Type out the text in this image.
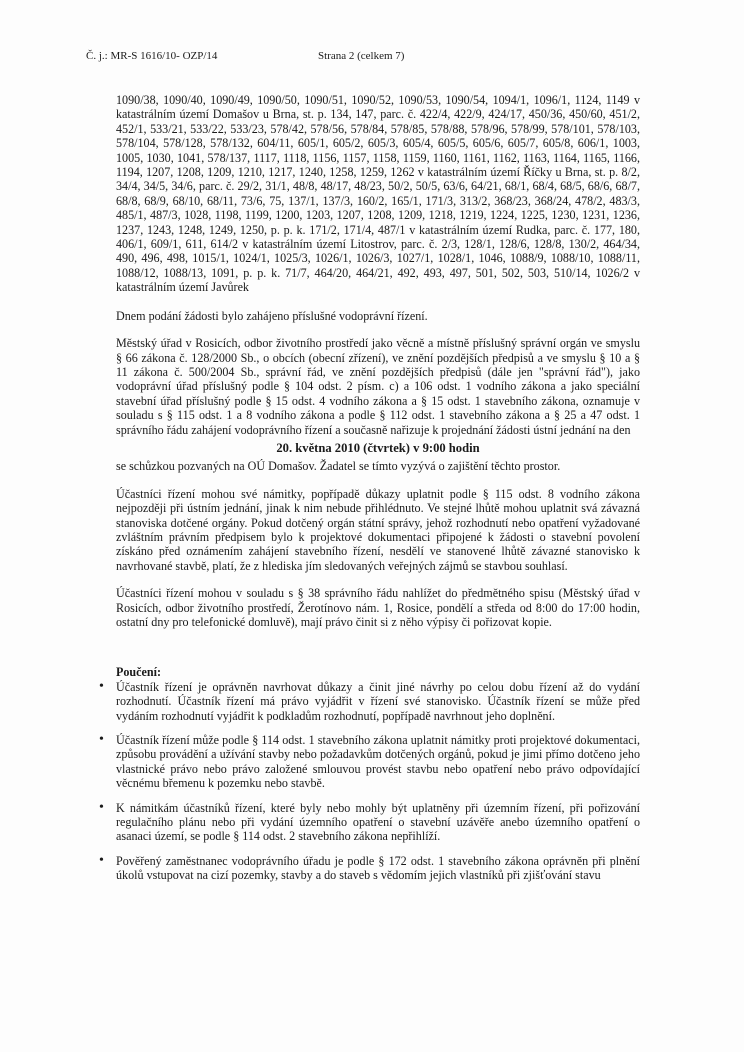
Č. j.: MR-S 1616/10- OZP/14	Strana 2 (celkem 7)

1090/38, 1090/40, 1090/49, 1090/50, 1090/51, 1090/52, 1090/53, 1090/54, 1094/1, 1096/1, 1124, 1149 v katastrálním území Domašov u Brna, st. p. 134, 147, parc. č. 422/4, 422/9, 424/17, 450/36, 450/60, 451/2, 452/1, 533/21, 533/22, 533/23, 578/42, 578/56, 578/84, 578/85, 578/88, 578/96, 578/99, 578/101, 578/103, 578/104, 578/128, 578/132, 604/11, 605/1, 605/2, 605/3, 605/4, 605/5, 605/6, 605/7, 605/8, 606/1, 1003, 1005, 1030, 1041, 578/137, 1117, 1118, 1156, 1157, 1158, 1159, 1160, 1161, 1162, 1163, 1164, 1165, 1166, 1194, 1207, 1208, 1209, 1210, 1217, 1240, 1258, 1259, 1262 v katastrálním území Říčky u Brna, st. p. 8/2, 34/4, 34/5, 34/6, parc. č. 29/2, 31/1, 48/8, 48/17, 48/23, 50/2, 50/5, 63/6, 64/21, 68/1, 68/4, 68/5, 68/6, 68/7, 68/8, 68/9, 68/10, 68/11, 73/6, 75, 137/1, 137/3, 160/2, 165/1, 171/3, 313/2, 368/23, 368/24, 478/2, 483/3, 485/1, 487/3, 1028, 1198, 1199, 1200, 1203, 1207, 1208, 1209, 1218, 1219, 1224, 1225, 1230, 1231, 1236, 1237, 1243, 1248, 1249, 1250, p. p. k. 171/2, 171/4, 487/1 v katastrálním území Rudka, parc. č. 177, 180, 406/1, 609/1, 611, 614/2 v katastrálním území Litostrov, parc. č. 2/3, 128/1, 128/6, 128/8, 130/2, 464/34, 490, 496, 498, 1015/1, 1024/1, 1025/3, 1026/1, 1026/3, 1027/1, 1028/1, 1046, 1088/9, 1088/10, 1088/11, 1088/12, 1088/13, 1091, p. p. k. 71/7, 464/20, 464/21, 492, 493, 497, 501, 502, 503, 510/14, 1026/2 v katastrálním území Javůrek

Dnem podání žádosti bylo zahájeno příslušné vodoprávní řízení.

Městský úřad v Rosicích, odbor životního prostředí jako věcně a místně příslušný správní orgán ve smyslu § 66 zákona č. 128/2000 Sb., o obcích (obecní zřízení), ve znění pozdějších předpisů a ve smyslu § 10 a § 11 zákona č. 500/2004 Sb., správní řád, ve znění pozdějších předpisů (dále jen "správní řád"), jako vodoprávní úřad příslušný podle § 104 odst. 2 písm. c) a 106 odst. 1 vodního zákona a jako speciální stavební úřad příslušný podle § 15 odst. 4 vodního zákona a § 15 odst. 1 stavebního zákona, oznamuje v souladu s § 115 odst. 1 a 8 vodního zákona a podle § 112 odst. 1 stavebního zákona a § 25 a 47 odst. 1 správního řádu zahájení vodoprávního řízení a současně nařizuje k projednání žádosti ústní jednání na den

20. května 2010 (čtvrtek) v 9:00 hodin

se schůzkou pozvaných na OÚ Domašov. Žadatel se tímto vyzývá o zajištění těchto prostor.

Účastníci řízení mohou své námitky, popřípadě důkazy uplatnit podle § 115 odst. 8 vodního zákona nejpozději při ústním jednání, jinak k nim nebude přihlédnuto. Ve stejné lhůtě mohou uplatnit svá závazná stanoviska dotčené orgány. Pokud dotčený orgán státní správy, jehož rozhodnutí nebo opatření vyžadované zvláštním právním předpisem bylo k projektové dokumentaci připojené k žádosti o stavební povolení získáno před oznámením zahájení stavebního řízení, nesdělí ve stanovené lhůtě závazné stanovisko k navrhované stavbě, platí, že z hlediska jím sledovaných veřejných zájmů se stavbou souhlasí.

Účastníci řízení mohou v souladu s § 38 správního řádu nahlížet do předmětného spisu (Městský úřad v Rosicích, odbor životního prostředí, Žerotínovo nám. 1, Rosice, pondělí a středa od 8:00 do 17:00 hodin, ostatní dny pro telefonické domluvě), mají právo činit si z něho výpisy či pořizovat kopie.

Poučení:

• Účastník řízení je oprávněn navrhovat důkazy a činit jiné návrhy po celou dobu řízení až do vydání rozhodnutí. Účastník řízení má právo vyjádřit v řízení své stanovisko. Účastník řízení se může před vydáním rozhodnutí vyjádřit k podkladům rozhodnutí, popřípadě navrhnout jeho doplnění.
• Účastník řízení může podle § 114 odst. 1 stavebního zákona uplatnit námitky proti projektové dokumentaci, způsobu provádění a užívání stavby nebo požadavkům dotčených orgánů, pokud je jimi přímo dotčeno jeho vlastnické právo nebo právo založené smlouvou provést stavbu nebo opatření nebo právo odpovídající věcnému břemenu k pozemku nebo stavbě.
• K námitkám účastníků řízení, které byly nebo mohly být uplatněny při územním řízení, při pořizování regulačního plánu nebo při vydání územního opatření o stavební uzávěře anebo územního opatření o asanaci území, se podle § 114 odst. 2 stavebního zákona nepřihlíží.
• Pověřený zaměstnanec vodoprávního úřadu je podle § 172 odst. 1 stavebního zákona oprávněn při plnění úkolů vstupovat na cizí pozemky, stavby a do staveb s vědomím jejich vlastníků při zjišťování stavu
